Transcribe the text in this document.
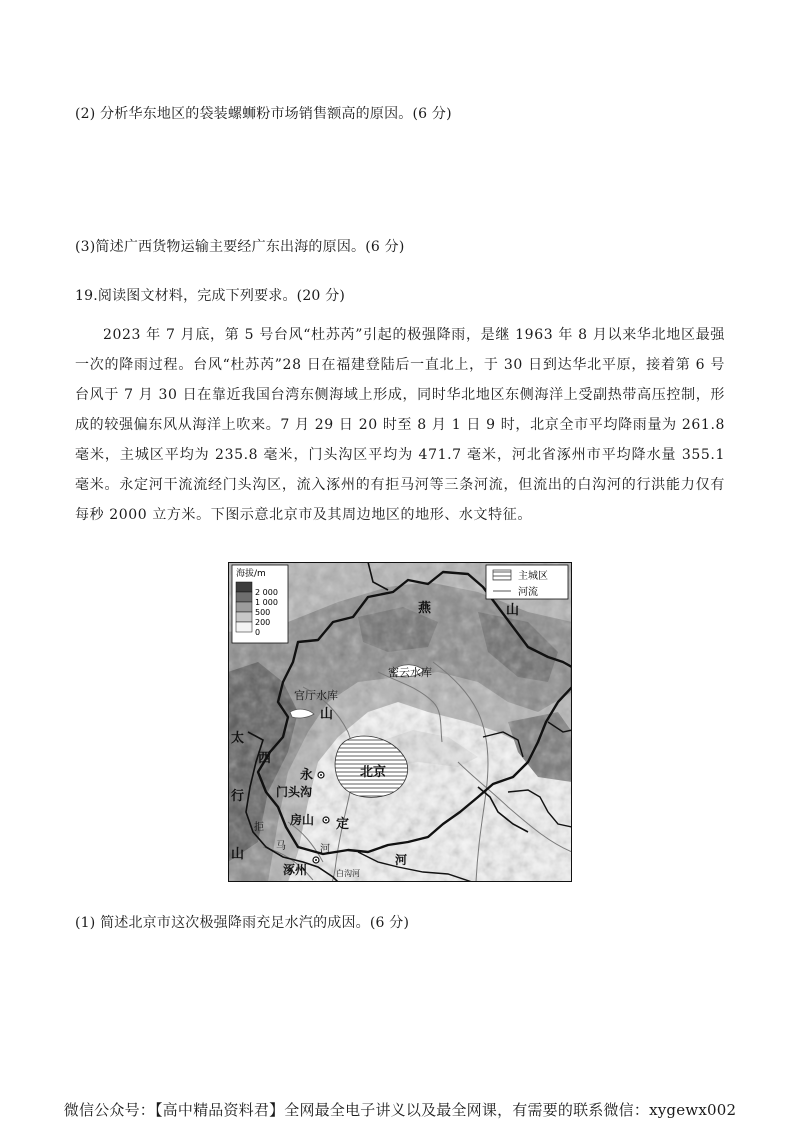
(2) 分析华东地区的袋装螺蛳粉市场销售额高的原因。(6 分)
(3)简述广西货物运输主要经广东出海的原因。(6 分)
19.阅读图文材料，完成下列要求。(20 分)
2023 年 7 月底，第 5 号台风“杜苏芮”引起的极强降雨，是继 1963 年 8 月以来华北地区最强一次的降雨过程。台风“杜苏芮”28 日在福建登陆后一直北上，于 30 日到达华北平原，接着第 6 号台风于 7 月 30 日在靠近我国台湾东侧海域上形成，同时华北地区东侧海洋上受副热带高压控制，形成的较强偏东风从海洋上吹来。7 月 29 日 20 时至 8 月 1 日 9 时，北京全市平均降雨量为 261.8 毫米，主城区平均为 235.8 毫米，门头沟区平均为 471.7 毫米，河北省涿州市平均降水量 355.1 毫米。永定河干流流经门头沟区，流入涿州的有拒马河等三条河流，但流出的白沟河的行洪能力仅有每秒 2000 立方米。下图示意北京市及其周边地区的地形、水文特征。
海拔/m
2 000
1 000
500
200
0
主城区
河流
燕	山
密云水库
官厅水库
山
太
西
永	北京
门头沟
行
房山 定
拒
山
马	河
涿州	白沟河
河
(1) 简述北京市这次极强降雨充足水汽的成因。(6 分)
微信公众号：【高中精品资料君】全网最全电子讲义以及最全网课，有需要的联系微信：xygewx002
